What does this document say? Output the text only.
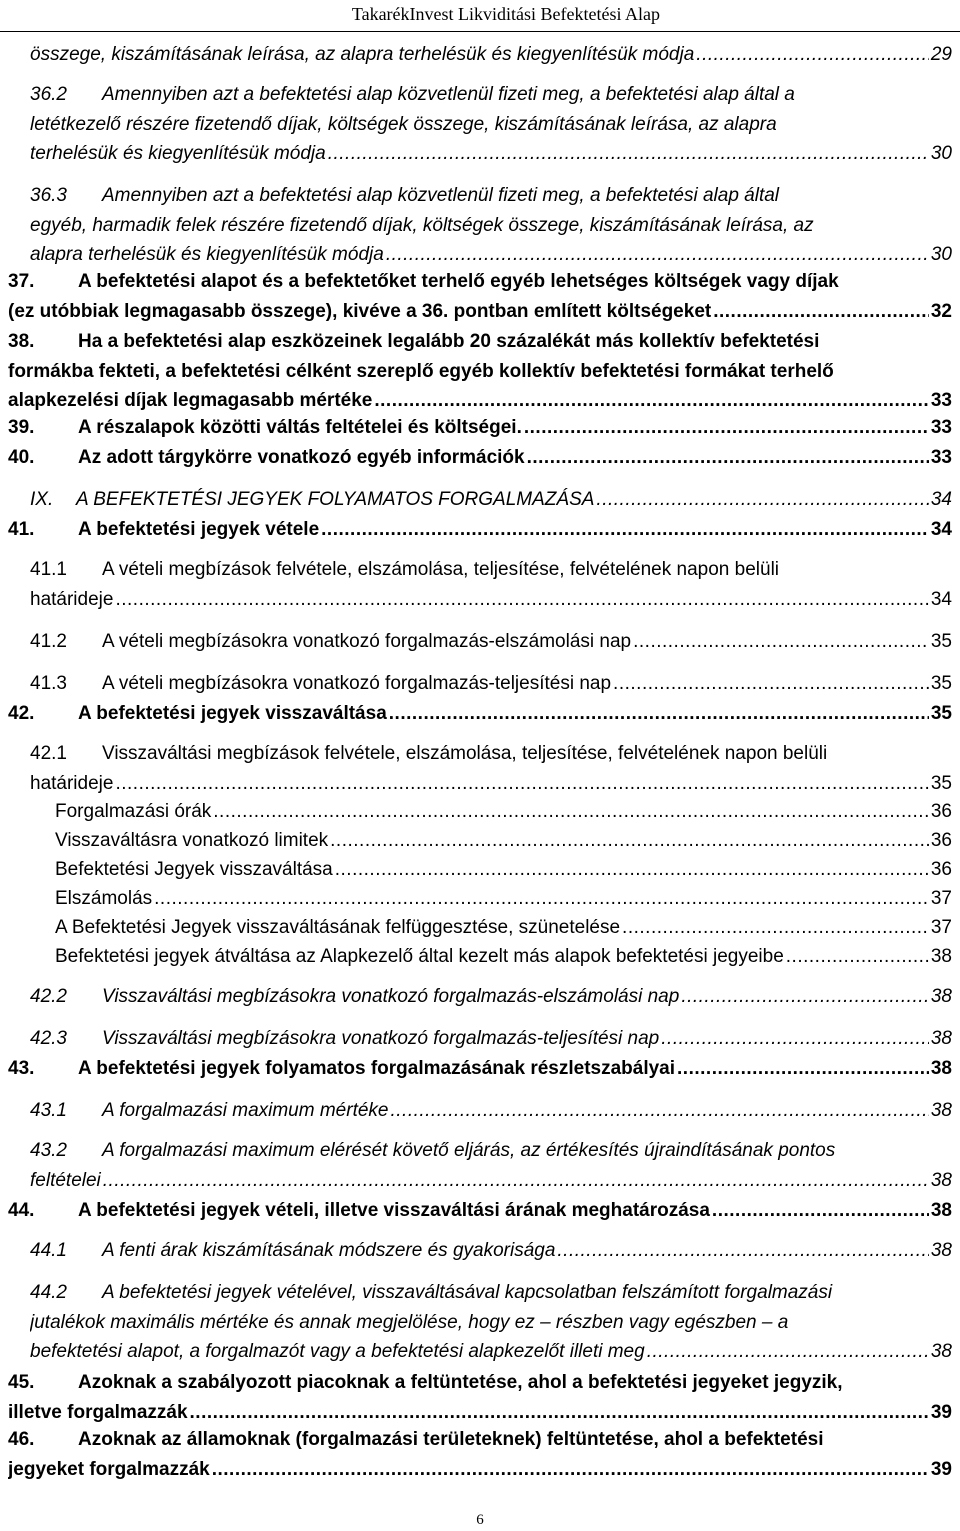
TakarékInvest Likviditási Befektetési Alap
összege, kiszámításának leírása, az alapra terhelésük és kiegyenlítésük módja .....	29
36.2	Amennyiben azt a befektetési alap közvetlenül fizeti meg, a befektetési alap által a
letétkezelő részére fizetendő díjak, költségek összege, kiszámításának leírása, az alapra
terhelésük és kiegyenlítésük módja .....	30
36.3	Amennyiben azt a befektetési alap közvetlenül fizeti meg, a befektetési alap által
egyéb, harmadik felek részére fizetendő díjak, költségek összege, kiszámításának leírása, az
alapra terhelésük és kiegyenlítésük módja .....	30
37.	A befektetési alapot és a befektetőket terhelő egyéb lehetséges költségek vagy díjak
(ez utóbbiak legmagasabb összege), kivéve a 36. pontban említett költségeket .....	32
38.	Ha a befektetési alap eszközeinek legalább 20 százalékát más kollektív befektetési
formákba fekteti, a befektetési célként szereplő egyéb kollektív befektetési formákat terhelő
alapkezelési díjak legmagasabb mértéke .....	33
39.	A részalapok közötti váltás feltételei és költségei. .....	33
40.	Az adott tárgykörre vonatkozó egyéb információk .....	33
IX.	A BEFEKTETÉSI JEGYEK FOLYAMATOS FORGALMAZÁSA .....	34
41.	A befektetési jegyek vétele .....	34
41.1	A vételi megbízások felvétele, elszámolása, teljesítése, felvételének napon belüli
határideje .....	34
41.2	A vételi megbízásokra vonatkozó forgalmazás-elszámolási nap .....	35
41.3	A vételi megbízásokra vonatkozó forgalmazás-teljesítési nap .....	35
42.	A befektetési jegyek visszaváltása .....	35
42.1	Visszaváltási megbízások felvétele, elszámolása, teljesítése, felvételének napon belüli
határideje .....	35
Forgalmazási órák .....	36
Visszaváltásra vonatkozó limitek .....	36
Befektetési Jegyek visszaváltása .....	36
Elszámolás .....	37
A Befektetési Jegyek visszaváltásának felfüggesztése, szünetelése .....	37
Befektetési jegyek átváltása az Alapkezelő által kezelt más alapok befektetési jegyeibe .....	38
42.2	Visszaváltási megbízásokra vonatkozó forgalmazás-elszámolási nap .....	38
42.3	Visszaváltási megbízásokra vonatkozó forgalmazás-teljesítési nap .....	38
43.	A befektetési jegyek folyamatos forgalmazásának részletszabályai .....	38
43.1	A forgalmazási maximum mértéke .....	38
43.2	A forgalmazási maximum elérését követő eljárás, az értékesítés újraindításának pontos
feltételei .....	38
44.	A befektetési jegyek vételi, illetve visszaváltási árának meghatározása .....	38
44.1	A fenti árak kiszámításának módszere és gyakorisága .....	38
44.2	A befektetési jegyek vételével, visszaváltásával kapcsolatban felszámított forgalmazási
jutalékok maximális mértéke és annak megjelölése, hogy ez – részben vagy egészben – a
befektetési alapot, a forgalmazót vagy a befektetési alapkezelőt illeti meg .....	38
45.	Azoknak a szabályozott piacoknak a feltüntetése, ahol a befektetési jegyeket jegyzik,
illetve forgalmazzák .....	39
46.	Azoknak az államoknak (forgalmazási területeknek) feltüntetése, ahol a befektetési
jegyeket forgalmazzák .....	39
6
